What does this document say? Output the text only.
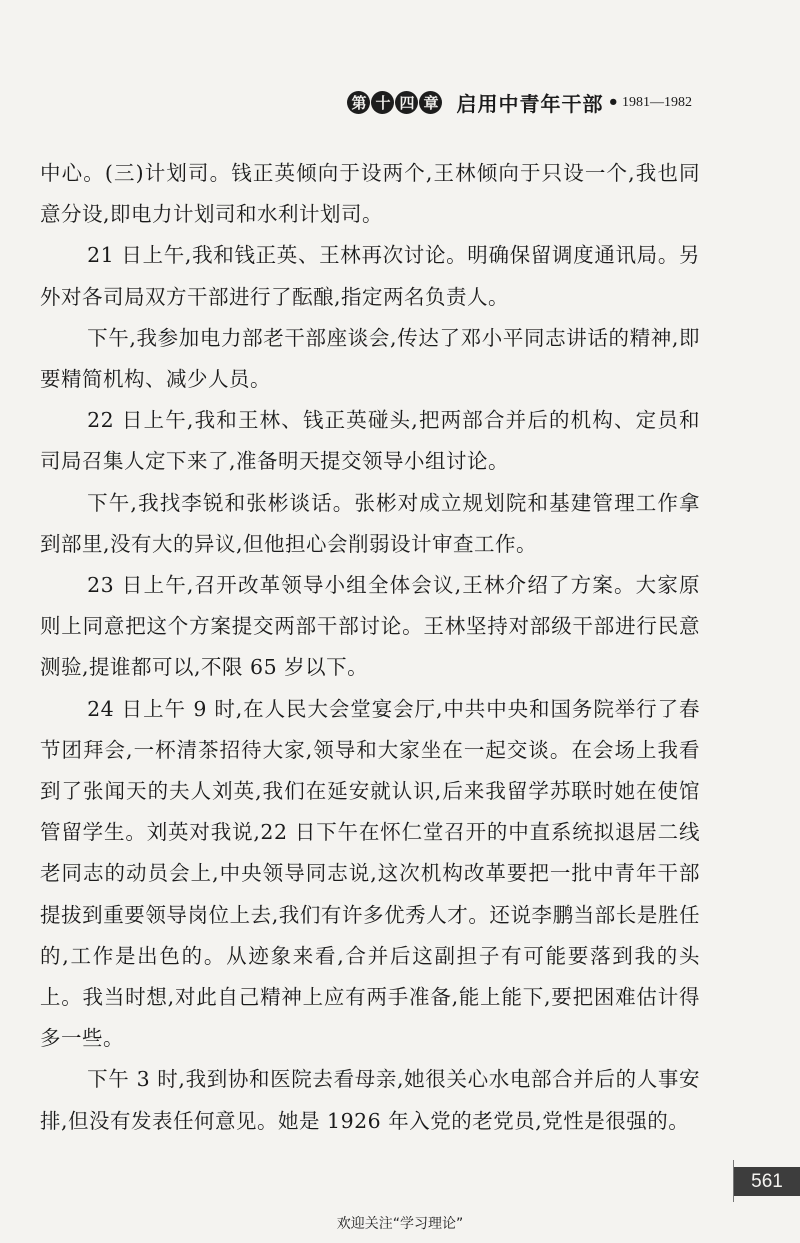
第 十 四 章 启用中青年干部 • 1981—1982

中心。(三)计划司。钱正英倾向于设两个,王林倾向于只设一个,我也同意分设,即电力计划司和水利计划司。

21 日上午,我和钱正英、王林再次讨论。明确保留调度通讯局。另外对各司局双方干部进行了酝酿,指定两名负责人。

下午,我参加电力部老干部座谈会,传达了邓小平同志讲话的精神,即要精简机构、减少人员。

22 日上午,我和王林、钱正英碰头,把两部合并后的机构、定员和司局召集人定下来了,准备明天提交领导小组讨论。

下午,我找李锐和张彬谈话。张彬对成立规划院和基建管理工作拿到部里,没有大的异议,但他担心会削弱设计审查工作。

23 日上午,召开改革领导小组全体会议,王林介绍了方案。大家原则上同意把这个方案提交两部干部讨论。王林坚持对部级干部进行民意测验,提谁都可以,不限 65 岁以下。

24 日上午 9 时,在人民大会堂宴会厅,中共中央和国务院举行了春节团拜会,一杯清茶招待大家,领导和大家坐在一起交谈。在会场上我看到了张闻天的夫人刘英,我们在延安就认识,后来我留学苏联时她在使馆管留学生。刘英对我说,22 日下午在怀仁堂召开的中直系统拟退居二线老同志的动员会上,中央领导同志说,这次机构改革要把一批中青年干部提拔到重要领导岗位上去,我们有许多优秀人才。还说李鹏当部长是胜任的,工作是出色的。从迹象来看,合并后这副担子有可能要落到我的头上。我当时想,对此自己精神上应有两手准备,能上能下,要把困难估计得多一些。

下午 3 时,我到协和医院去看母亲,她很关心水电部合并后的人事安排,但没有发表任何意见。她是 1926 年入党的老党员,党性是很强的。

561
欢迎关注“学习理论”
